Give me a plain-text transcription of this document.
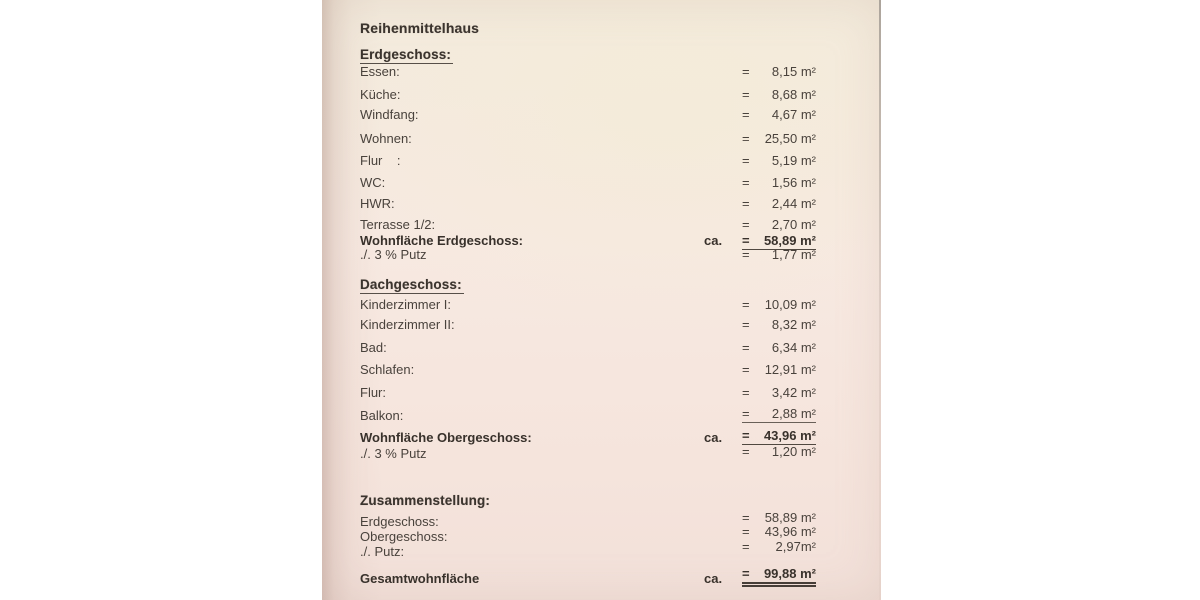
Reihenmittelhaus
Erdgeschoss:
Essen:	= 8,15 m²
Küche:	= 8,68 m²
Windfang:	= 4,67 m²
Wohnen:	= 25,50 m²
Flur    :	= 5,19 m²
WC:	= 1,56 m²
HWR:	= 2,44 m²
Terrasse 1/2:	= 2,70 m²
Wohnfläche Erdgeschoss:	ca.	= 58,89 m²
./. 3 % Putz	= 1,77 m²
Dachgeschoss:
Kinderzimmer I:	= 10,09 m²
Kinderzimmer II:	= 8,32 m²
Bad:	= 6,34 m²
Schlafen:	= 12,91 m²
Flur:	= 3,42 m²
Balkon:	= 2,88 m²
Wohnfläche Obergeschoss:	ca.	= 43,96 m²
./. 3 % Putz	= 1,20 m²
Zusammenstellung:
Erdgeschoss:	= 58,89 m²
Obergeschoss:	= 43,96 m²
./. Putz:	= 2,97m²
Gesamtwohnfläche	ca.	= 99,88 m²
